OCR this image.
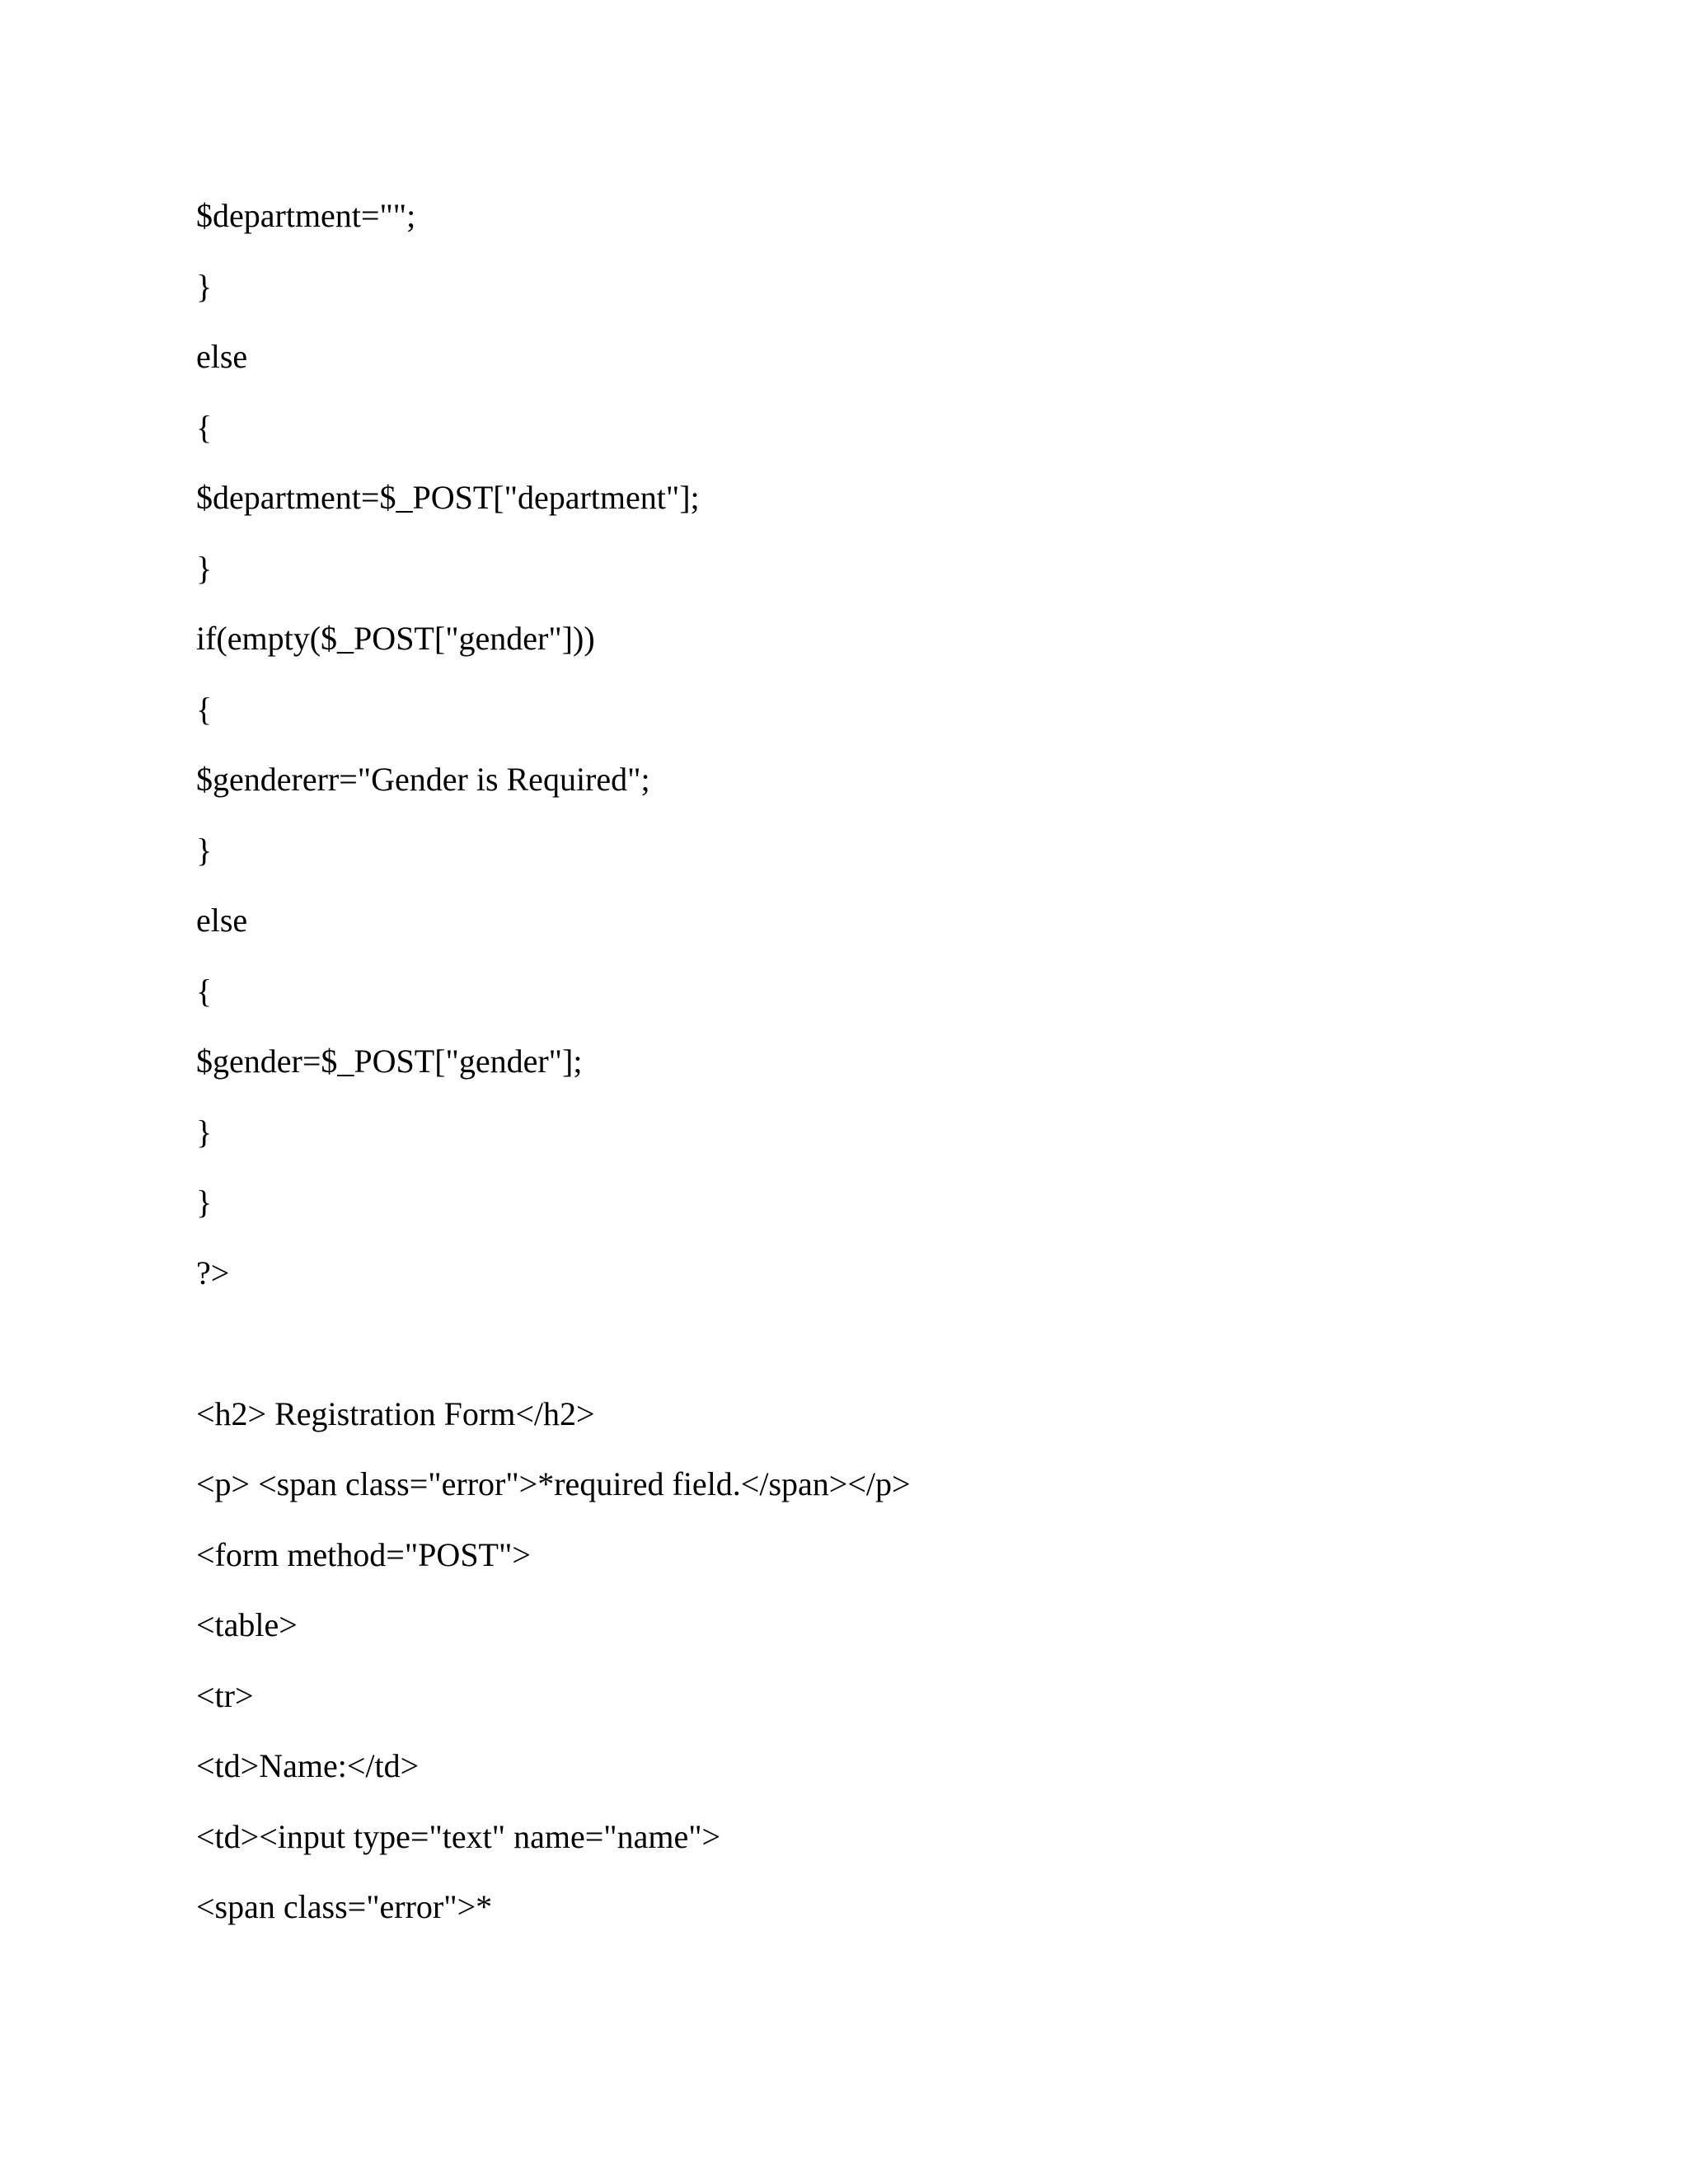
$department="";
}
else
{
$department=$_POST["department"];
}
if(empty($_POST["gender"]))
{
$gendererr="Gender is Required";
}
else
{
$gender=$_POST["gender"];
}
}
?>
<h2> Registration Form</h2>
<p> <span class="error">*required field.</span></p>
<form method="POST">
<table>
<tr>
<td>Name:</td>
<td><input type="text" name="name">
<span class="error">*
